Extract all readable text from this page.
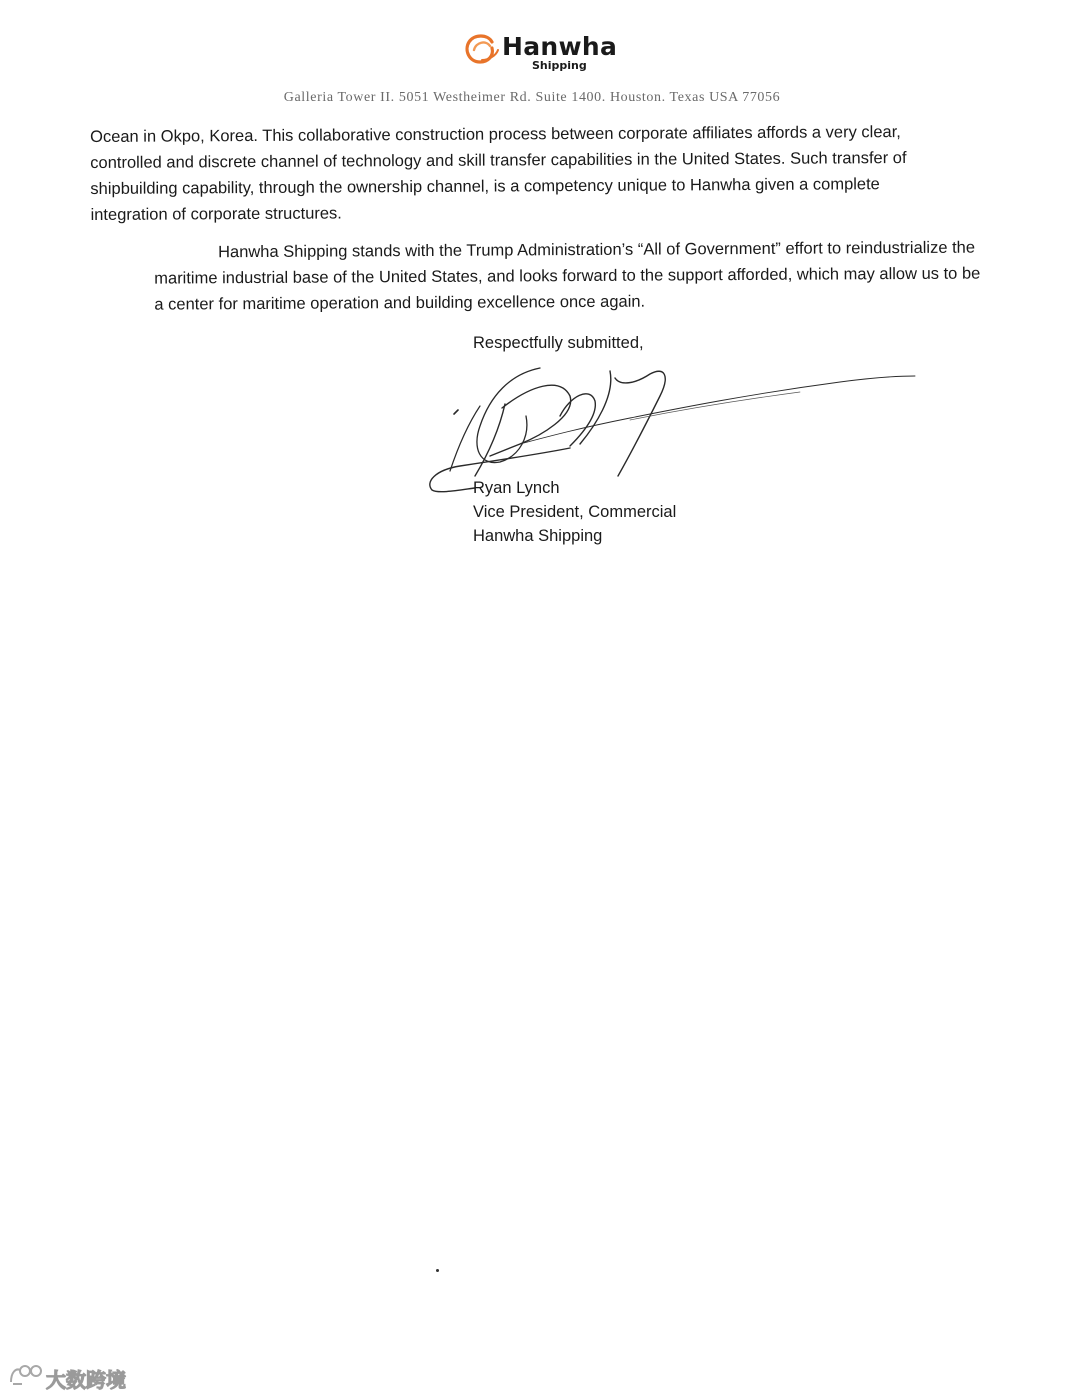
Hanwha
Shipping
Galleria Tower II. 5051 Westheimer Rd. Suite 1400. Houston. Texas USA 77056
Ocean in Okpo, Korea. This collaborative construction process between corporate affiliates affords a very clear,
controlled and discrete channel of technology and skill transfer capabilities in the United States. Such transfer of
shipbuilding capability, through the ownership channel, is a competency unique to Hanwha given a complete
integration of corporate structures.
Hanwha Shipping stands with the Trump Administration’s “All of Government” effort to reindustrialize the
maritime industrial base of the United States, and looks forward to the support afforded, which may allow us to be
a center for maritime operation and building excellence once again.
Respectfully submitted,
Ryan Lynch
Vice President, Commercial
Hanwha Shipping
大数跨境
